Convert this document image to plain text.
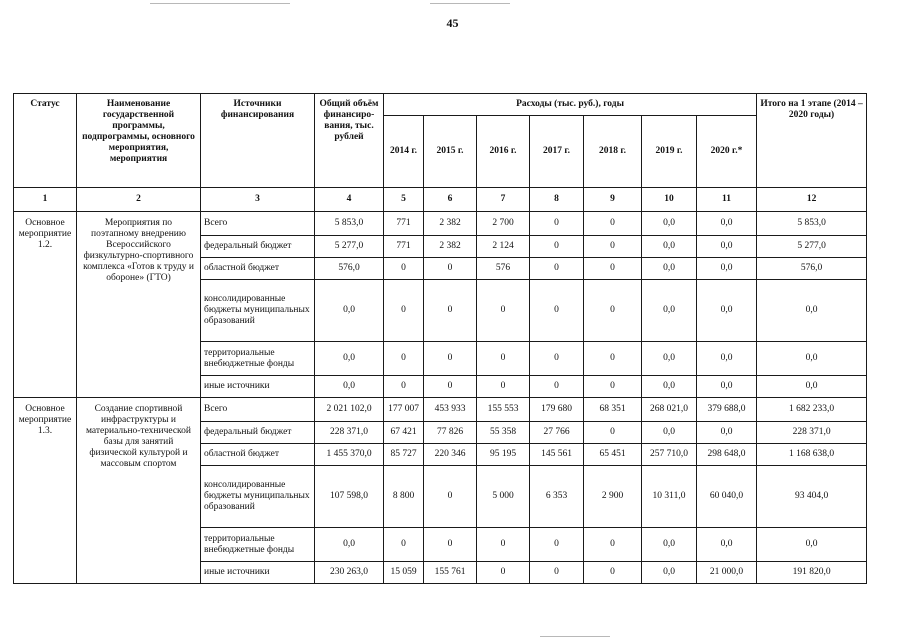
45
Статус	Наименование государственной программы, подпрограммы, основного мероприятия, мероприятия	Источники финансирования	Общий объём финансиро-вания, тыс. рублей	Расходы (тыс. руб.), годы							Итого на 1 этапе (2014 – 2020 годы)
				2014 г.	2015 г.	2016 г.	2017 г.	2018 г.	2019 г.	2020 г.*	
1	2	3	4	5	6	7	8	9	10	11	12
Основное мероприятие 1.2.	Мероприятия по поэтапному внедрению Всероссийского физкультурно-спортивного комплекса «Готов к труду и обороне» (ГТО)	Всего	5 853,0	771	2 382	2 700	0	0	0,0	0,0	5 853,0
		федеральный бюджет	5 277,0	771	2 382	2 124	0	0	0,0	0,0	5 277,0
		областной бюджет	576,0	0	0	576	0	0	0,0	0,0	576,0
		консолидированные бюджеты муниципальных образований	0,0	0	0	0	0	0	0,0	0,0	0,0
		территориальные внебюджетные фонды	0,0	0	0	0	0	0	0,0	0,0	0,0
		иные источники	0,0	0	0	0	0	0	0,0	0,0	0,0
Основное мероприятие 1.3.	Создание спортивной инфраструктуры и материально-технической базы для занятий физической культурой и массовым спортом	Всего	2 021 102,0	177 007	453 933	155 553	179 680	68 351	268 021,0	379 688,0	1 682 233,0
		федеральный бюджет	228 371,0	67 421	77 826	55 358	27 766	0	0,0	0,0	228 371,0
		областной бюджет	1 455 370,0	85 727	220 346	95 195	145 561	65 451	257 710,0	298 648,0	1 168 638,0
		консолидированные бюджеты муниципальных образований	107 598,0	8 800	0	5 000	6 353	2 900	10 311,0	60 040,0	93 404,0
		территориальные внебюджетные фонды	0,0	0	0	0	0	0	0,0	0,0	0,0
		иные источники	230 263,0	15 059	155 761	0	0	0	0,0	21 000,0	191 820,0
